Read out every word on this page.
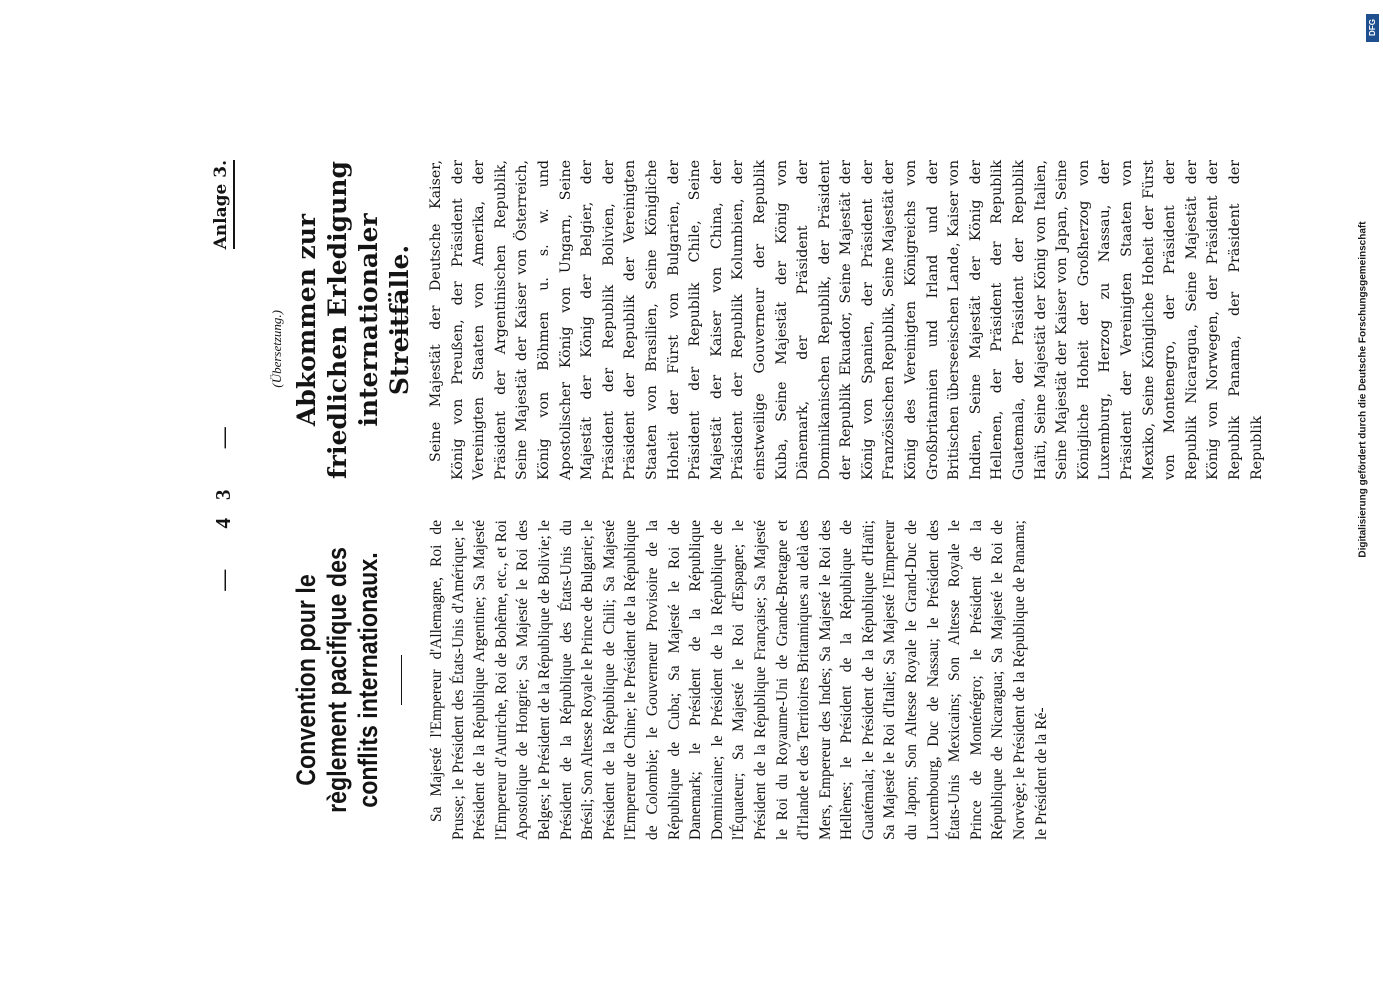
— 43 —
Anlage 3.
(Übersetzung.)
Convention pour le règlement pacifique des conflits internationaux.	Sa Majesté l'Empereur d'Allemagne, Roi de Prusse; le Président des États-Unis d'Amérique; le Président de la République Argentine; Sa Majesté l'Empereur d'Autriche, Roi de Bohême, etc., et Roi Apostolique de Hongrie; Sa Majesté le Roi des Belges; le Président de la République de Bolivie; le Président de la République des États-Unis du Brésil; Son Altesse Royale le Prince de Bulgarie; le Président de la République de Chili; Sa Majesté l'Empereur de Chine; le Président de la République de Colombie; le Gouverneur Provisoire de la République de Cuba; Sa Majesté le Roi de Danemark; le Président de la République Dominicaine; le Président de la République de l'Équateur; Sa Majesté le Roi d'Espagne; le Président de la République Française; Sa Majesté le Roi du Royaume-Uni de Grande-Bretagne et d'Irlande et des Territoires Britanniques au delà des Mers, Empereur des Indes; Sa Majesté le Roi des Hellènes; le Président de la République de Guatémala; le Président de la République d'Haïti; Sa Majesté le Roi d'Italie; Sa Majesté l'Empereur du Japon; Son Altesse Royale le Grand-Duc de Luxembourg, Duc de Nassau; le Président des États-Unis Mexicains; Son Altesse Royale le Prince de Monténégro; le Président de la République de Nicaragua; Sa Majesté le Roi de Norvège; le Président de la République de Panama; le Président de la Ré-
Abkommen zur friedlichen Erledigung internationaler Streitfälle. Seine Majestät der Deutsche Kaiser, König von Preußen, der Präsident der Vereinigten Staaten von Amerika, der Präsident der Argentinischen Republik, Seine Majestät der Kaiser von Österreich, König von Böhmen u. s. w. und Apostolischer König von Ungarn, Seine Majestät der König der Belgier, der Präsident der Republik Bolivien, der Präsident der Republik der Vereinigten Staaten von Brasilien, Seine Königliche Hoheit der Fürst von Bulgarien, der Präsident der Republik Chile, Seine Majestät der Kaiser von China, der Präsident der Republik Kolumbien, der einstweilige Gouverneur der Republik Kuba, Seine Majestät der König von Dänemark, der Präsident der Dominikanischen Republik, der Präsident der Republik Ekuador, Seine Majestät der König von Spanien, der Präsident der Französischen Republik, Seine Majestät der König des Vereinigten Königreichs von Großbritannien und Irland und der Britischen überseeischen Lande, Kaiser von Indien, Seine Majestät der König der Hellenen, der Präsident der Republik Guatemala, der Präsident der Republik Haïti, Seine Majestät der König von Italien, Seine Majestät der Kaiser von Japan, Seine Königliche Hoheit der Großherzog von Luxemburg, Herzog zu Nassau, der Präsident der Vereinigten Staaten von Mexiko, Seine Königliche Hoheit der Fürst von Montenegro, der Präsident der Republik Nicaragua, Seine Majestät der König von Norwegen, der Präsident der Republik Panama, der Präsident der Republik
DFG
Digitalisierung gefördert durch die Deutsche Forschungsgemeinschaft
